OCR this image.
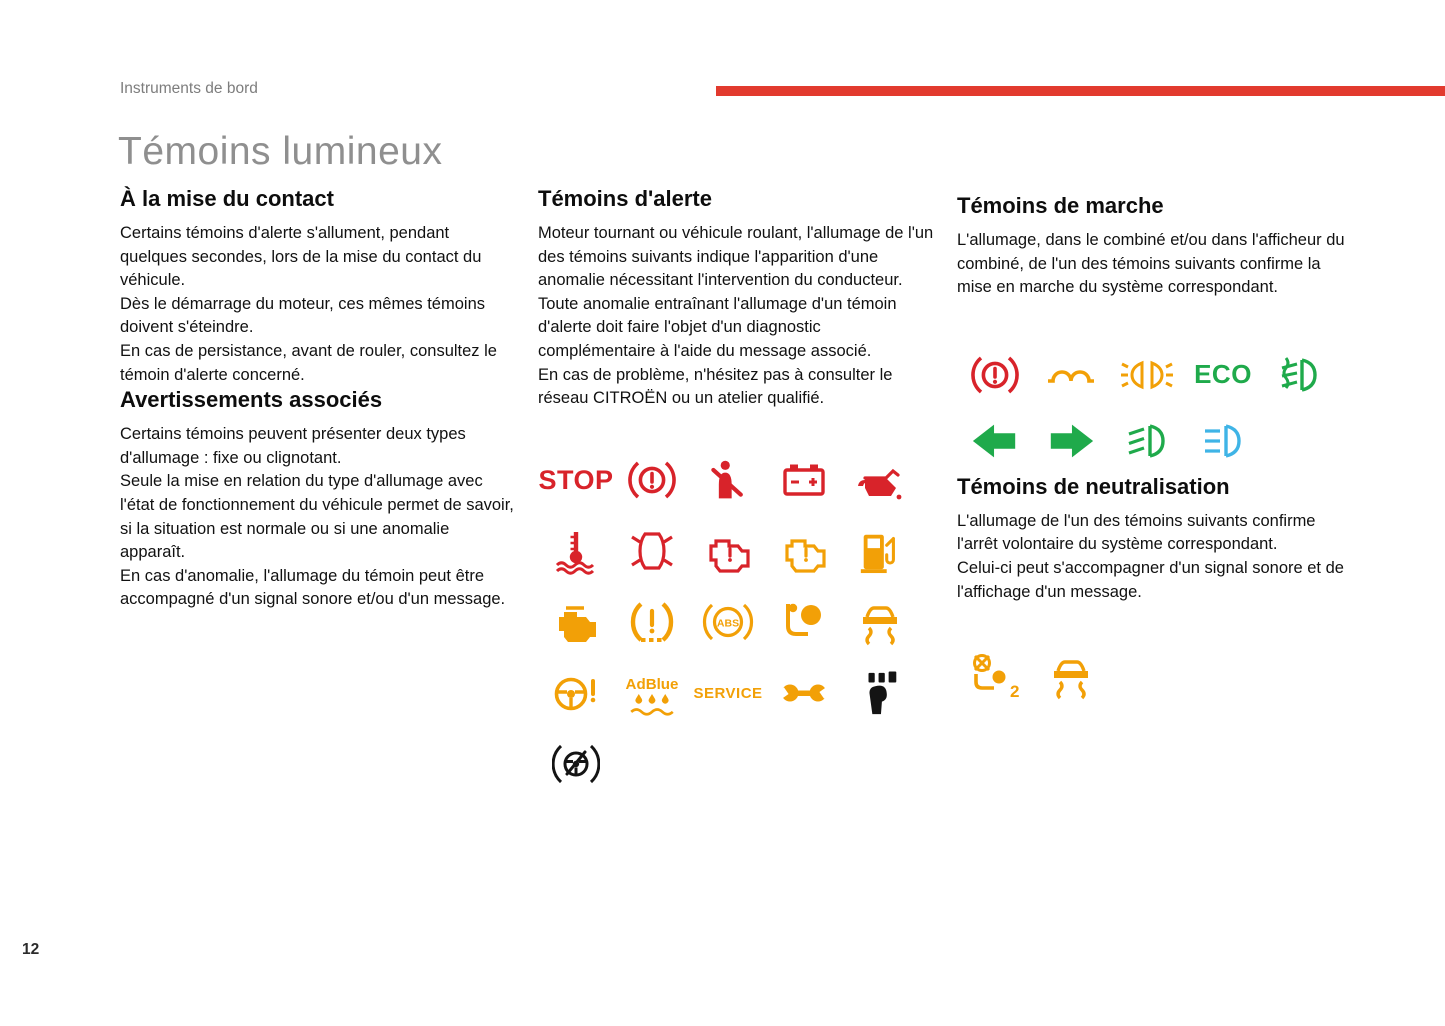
Instruments de bord
Témoins lumineux
À la mise du contact

Certains témoins d'alerte s'allument, pendant quelques secondes, lors de la mise du contact du véhicule.

Dès le démarrage du moteur, ces mêmes témoins doivent s'éteindre.

En cas de persistance, avant de rouler, consultez le témoin d'alerte concerné.

Avertissements associés

Certains témoins peuvent présenter deux types d'allumage : fixe ou clignotant.

Seule la mise en relation du type d'allumage avec l'état de fonctionnement du véhicule permet de savoir, si la situation est normale ou si une anomalie apparaît.

En cas d'anomalie, l'allumage du témoin peut être accompagné d'un signal sonore et/ou d'un message.

Témoins d'alerte

Moteur tournant ou véhicule roulant, l'allumage de l'un des témoins suivants indique l'apparition d'une anomalie nécessitant l'intervention du conducteur.

Toute anomalie entraînant l'allumage d'un témoin d'alerte doit faire l'objet d'un diagnostic complémentaire à l'aide du message associé.

En cas de problème, n'hésitez pas à consulter le réseau CITROËN ou un atelier qualifié.

STOP
ABS
AdBlue SERVICE
Témoins de marche

L'allumage, dans le combiné et/ou dans l'afficheur du combiné, de l'un des témoins suivants confirme la mise en marche du système correspondant.

ECO
Témoins de neutralisation

L'allumage de l'un des témoins suivants confirme l'arrêt volontaire du système correspondant.

Celui-ci peut s'accompagner d'un signal sonore et de l'affichage d'un message.

2
12
